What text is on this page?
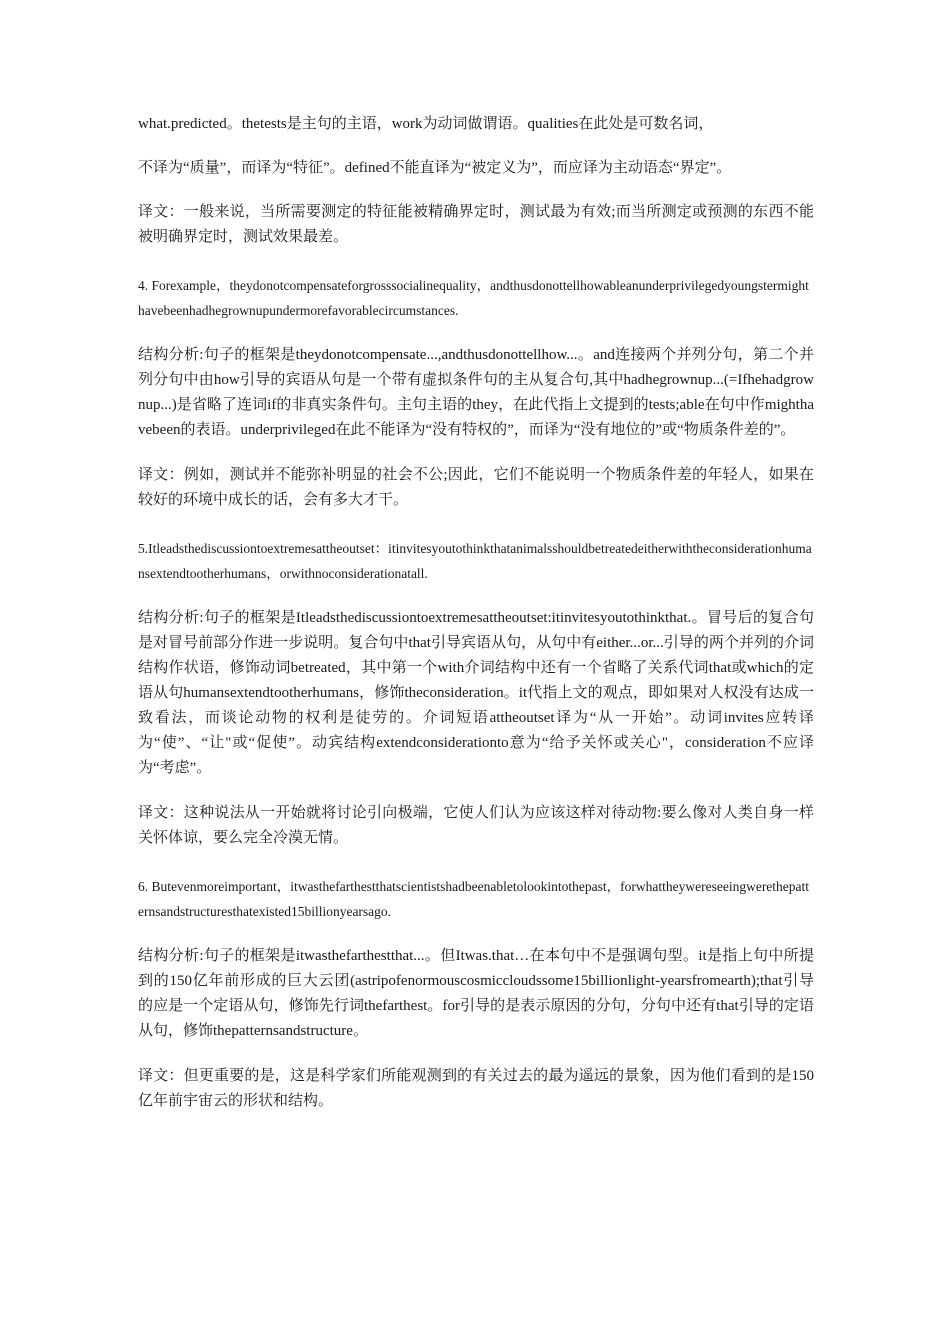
what.predicted。thetests是主句的主语，work为动词做谓语。qualities在此处是可数名词，

不译为“质量”，而译为“特征”。defined不能直译为“被定义为”，而应译为主动语态“界定”。

译文：一般来说，当所需要测定的特征能被精确界定时，测试最为有效;而当所测定或预测的东西不能被明确界定时，测试效果最差。

4. Forexample，theydonotcompensateforgrosssocialinequality，andthusdonottellhowableanunderprivilegedyoungstermighthavebeenhadhegrownupundermorefavorablecircumstances.

结构分析:句子的框架是theydonotcompensate...,andthusdonottellhow...。and连接两个并列分句，第二个并列分句中由how引导的宾语从句是一个带有虚拟条件句的主从复合句,其中hadhegrownup...(=Ifhehadgrownup...)是省略了连词if的非真实条件句。主句主语的they，在此代指上文提到的tests;able在句中作mighthavebeen的表语。underprivileged在此不能译为“没有特权的”，而译为“没有地位的”或“物质条件差的”。

译文：例如，测试并不能弥补明显的社会不公;因此，它们不能说明一个物质条件差的年轻人，如果在较好的环境中成长的话，会有多大才干。

5.Itleadsthediscussiontoextremesattheoutset：itinvitesyoutothinkthatanimalsshouldbetreatedeitherwiththeconsiderationhumansextendtootherhumans，orwithnoconsiderationatall.

结构分析:句子的框架是Itleadsthediscussiontoextremesattheoutset:itinvitesyoutothinkthat.。冒号后的复合句是对冒号前部分作进一步说明。复合句中that引导宾语从句，从句中有either...or...引导的两个并列的介词结构作状语，修饰动词betreated，其中第一个with介词结构中还有一个省略了关系代词that或which的定语从句humansextendtootherhumans，修饰theconsideration。it代指上文的观点，即如果对人权没有达成一致看法，而谈论动物的权利是徒劳的。介词短语attheoutset译为“从一开始”。动词invites应转译为“使”、“让"或“促使”。动宾结构extendconsiderationto意为“给予关怀或关心"，consideration不应译为“考虑”。

译文：这种说法从一开始就将讨论引向极端，它使人们认为应该这样对待动物:要么像对人类自身一样关怀体谅，要么完全冷漠无情。

6. Butevenmoreimportant，itwasthefarthestthatscientistshadbeenabletolookintothepast，forwhattheywereseeingwerethepatternsandstructuresthatexisted15billionyearsago.

结构分析:句子的框架是itwasthefarthestthat...。但Itwas.that…在本句中不是强调句型。it是指上句中所提到的150亿年前形成的巨大云团(astripofenormouscosmiccloudssome15billionlight-yearsfromearth);that引导的应是一个定语从句，修饰先行词thefarthest。for引导的是表示原因的分句，分句中还有that引导的定语从句，修饰thepatternsandstructure。

译文：但更重要的是，这是科学家们所能观测到的有关过去的最为遥远的景象，因为他们看到的是150亿年前宇宙云的形状和结构。
